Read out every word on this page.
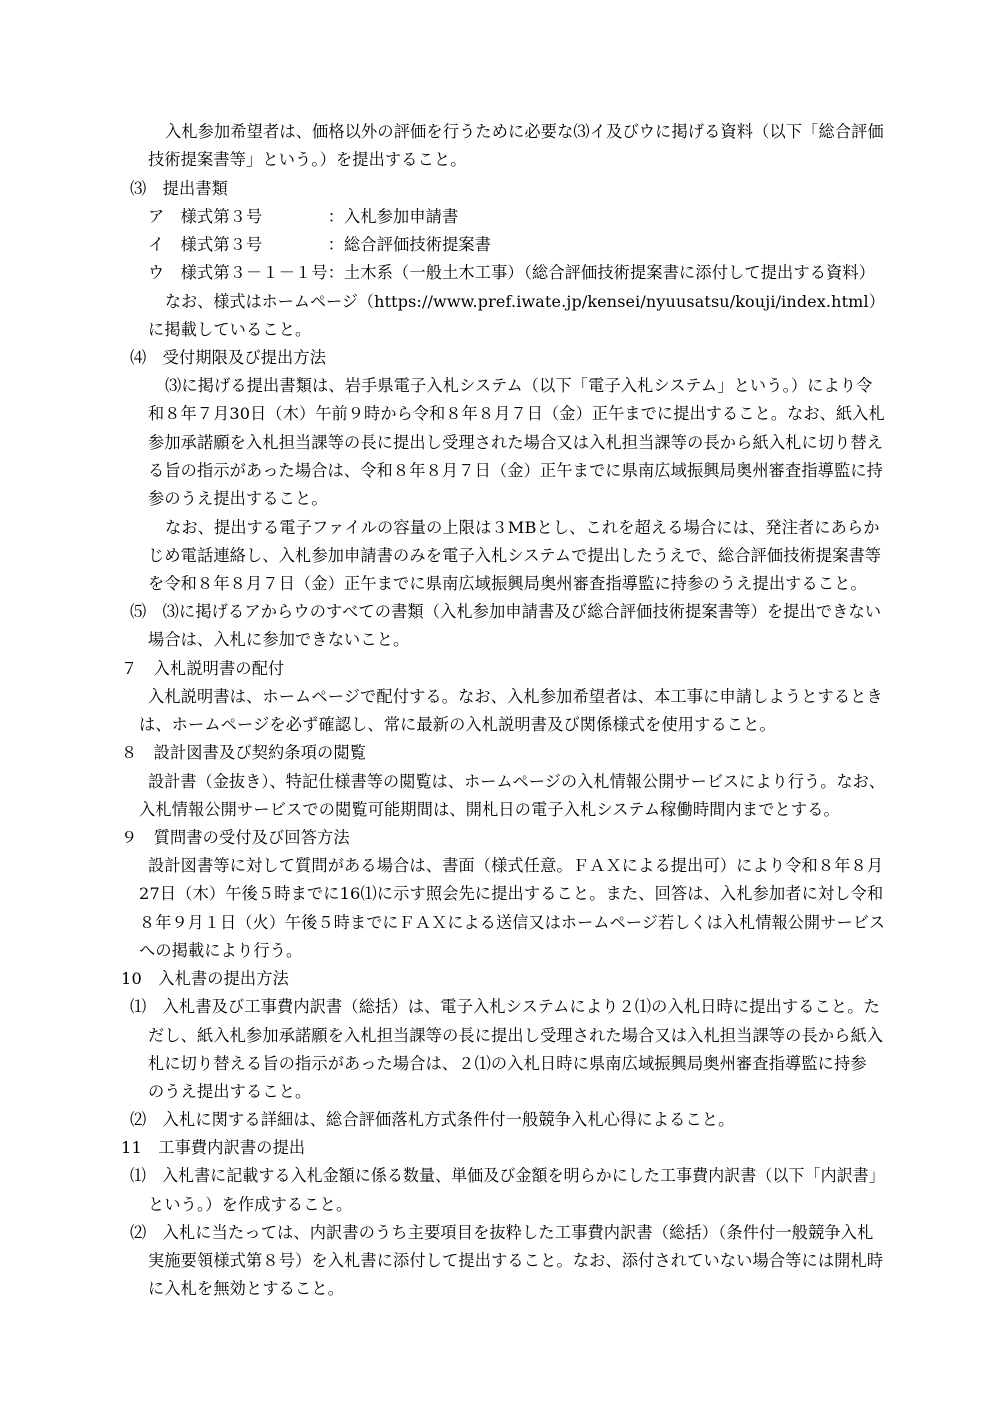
入札参加希望者は、価格以外の評価を行うために必要な⑶イ及びウに掲げる資料（以下「総合評価
技術提案書等」という。）を提出すること。
⑶　提出書類
ア　様式第３号　　　　：入札参加申請書
イ　様式第３号　　　　：総合評価技術提案書
ウ　様式第３－１－１号：土木系（一般土木工事）（総合評価技術提案書に添付して提出する資料）
なお、様式はホームページ（https://www.pref.iwate.jp/kensei/nyuusatsu/kouji/index.html）
に掲載していること。
⑷　受付期限及び提出方法
⑶に掲げる提出書類は、岩手県電子入札システム（以下「電子入札システム」という。）により令
和８年７月30日（木）午前９時から令和８年８月７日（金）正午までに提出すること。なお、紙入札
参加承諾願を入札担当課等の長に提出し受理された場合又は入札担当課等の長から紙入札に切り替え
る旨の指示があった場合は、令和８年８月７日（金）正午までに県南広域振興局奥州審査指導監に持
参のうえ提出すること。
なお、提出する電子ファイルの容量の上限は３MBとし、これを超える場合には、発注者にあらか
じめ電話連絡し、入札参加申請書のみを電子入札システムで提出したうえで、総合評価技術提案書等
を令和８年８月７日（金）正午までに県南広域振興局奥州審査指導監に持参のうえ提出すること。
⑸　⑶に掲げるアからウのすべての書類（入札参加申請書及び総合評価技術提案書等）を提出できない
場合は、入札に参加できないこと。
７　入札説明書の配付
入札説明書は、ホームページで配付する。なお、入札参加希望者は、本工事に申請しようとするとき
は、ホームページを必ず確認し、常に最新の入札説明書及び関係様式を使用すること。
８　設計図書及び契約条項の閲覧
設計書（金抜き）、特記仕様書等の閲覧は、ホームページの入札情報公開サービスにより行う。なお、
入札情報公開サービスでの閲覧可能期間は、開札日の電子入札システム稼働時間内までとする。
９　質問書の受付及び回答方法
設計図書等に対して質問がある場合は、書面（様式任意。ＦＡＸによる提出可）により令和８年８月
27日（木）午後５時までに16⑴に示す照会先に提出すること。また、回答は、入札参加者に対し令和
８年９月１日（火）午後５時までにＦＡＸによる送信又はホームページ若しくは入札情報公開サービス
への掲載により行う。
10　入札書の提出方法
⑴　入札書及び工事費内訳書（総括）は、電子入札システムにより２⑴の入札日時に提出すること。た
だし、紙入札参加承諾願を入札担当課等の長に提出し受理された場合又は入札担当課等の長から紙入
札に切り替える旨の指示があった場合は、２⑴の入札日時に県南広域振興局奥州審査指導監に持参
のうえ提出すること。
⑵　入札に関する詳細は、総合評価落札方式条件付一般競争入札心得によること。
11　工事費内訳書の提出
⑴　入札書に記載する入札金額に係る数量、単価及び金額を明らかにした工事費内訳書（以下「内訳書」
という。）を作成すること。
⑵　入札に当たっては、内訳書のうち主要項目を抜粋した工事費内訳書（総括）（条件付一般競争入札
実施要領様式第８号）を入札書に添付して提出すること。なお、添付されていない場合等には開札時
に入札を無効とすること。
